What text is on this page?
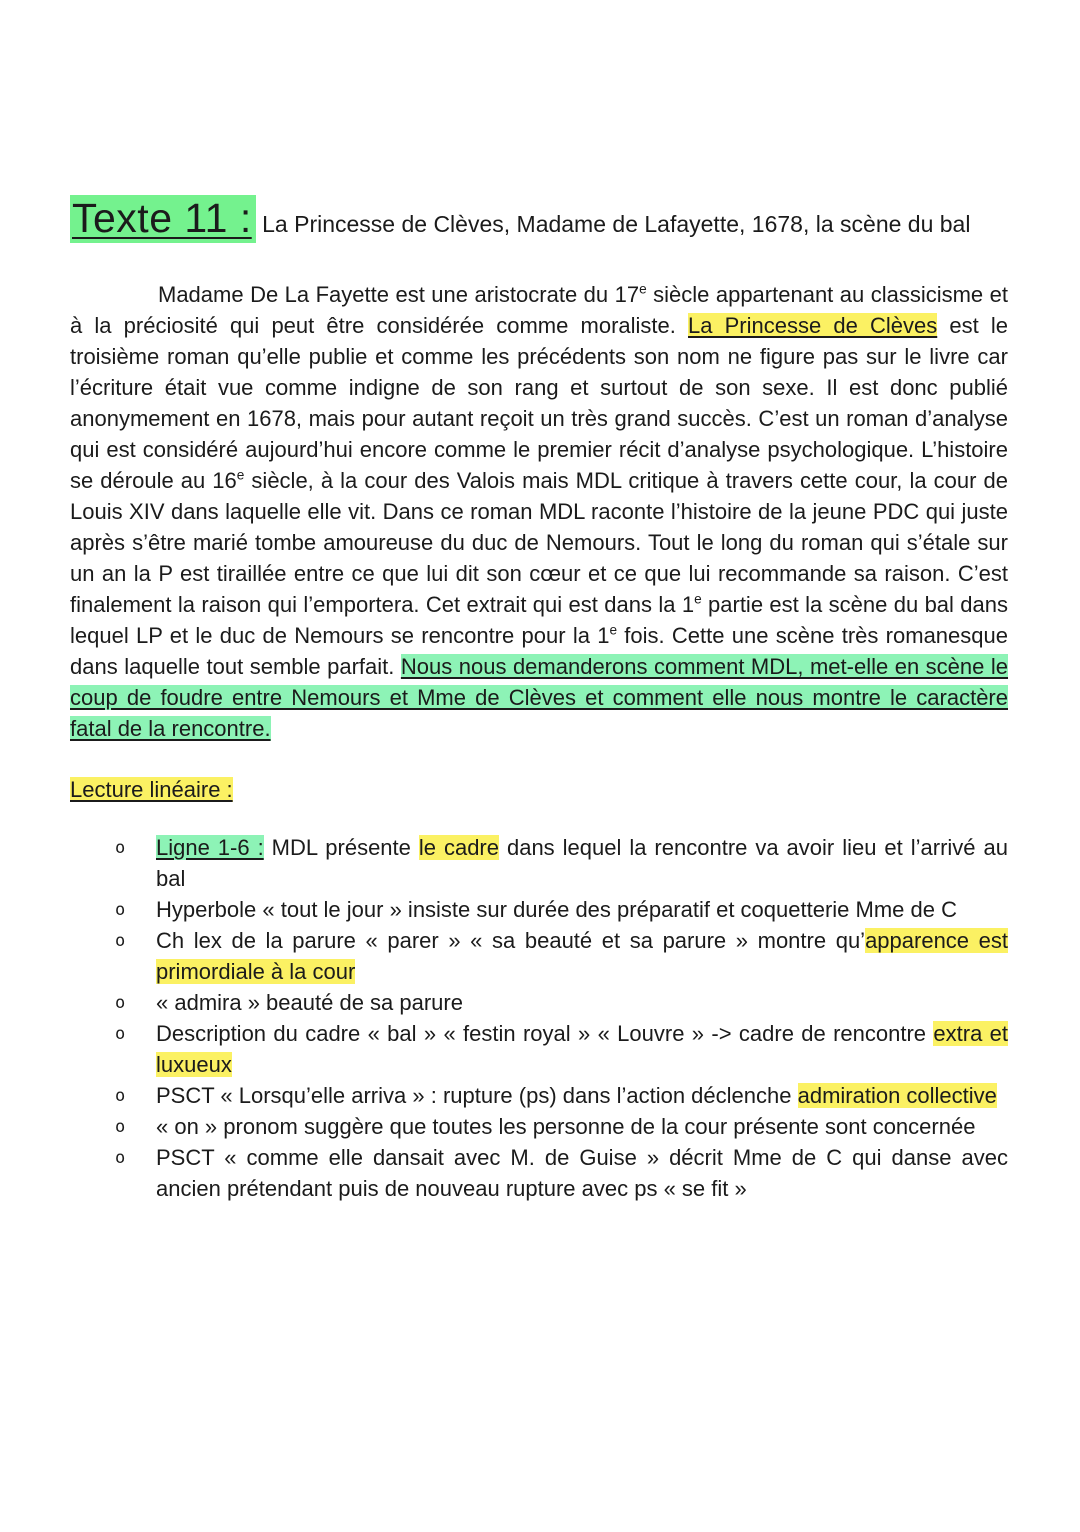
Texte 11 : La Princesse de Clèves, Madame de Lafayette, 1678, la scène du bal

Madame De La Fayette est une aristocrate du 17e siècle appartenant au classicisme et à la préciosité qui peut être considérée comme moraliste. La Princesse de Clèves est le troisième roman qu’elle publie et comme les précédents son nom ne figure pas sur le livre car l’écriture était vue comme indigne de son rang et surtout de son sexe. Il est donc publié anonymement en 1678, mais pour autant reçoit un très grand succès. C’est un roman d’analyse qui est considéré aujourd’hui encore comme le premier récit d’analyse psychologique. L’histoire se déroule au 16e siècle, à la cour des Valois mais MDL critique à travers cette cour, la cour de Louis XIV dans laquelle elle vit. Dans ce roman MDL raconte l’histoire de la jeune PDC qui juste après s’être marié tombe amoureuse du duc de Nemours. Tout le long du roman qui s’étale sur un an la P est tiraillée entre ce que lui dit son cœur et ce que lui recommande sa raison. C’est finalement la raison qui l’emportera. Cet extrait qui est dans la 1e partie est la scène du bal dans lequel LP et le duc de Nemours se rencontre pour la 1e fois. Cette une scène très romanesque dans laquelle tout semble parfait. Nous nous demanderons comment MDL, met-elle en scène le coup de foudre entre Nemours et Mme de Clèves et comment elle nous montre le caractère fatal de la rencontre.

Lecture linéaire :
o Ligne 1-6 : MDL présente le cadre dans lequel la rencontre va avoir lieu et l’arrivé au bal
o Hyperbole « tout le jour » insiste sur durée des préparatif et coquetterie Mme de C
o Ch lex de la parure « parer » « sa beauté et sa parure » montre qu’apparence est primordiale à la cour
o « admira » beauté de sa parure
o Description du cadre « bal » « festin royal » « Louvre » -> cadre de rencontre extra et luxueux
o PSCT « Lorsqu’elle arriva » : rupture (ps) dans l’action déclenche admiration collective
o « on » pronom suggère que toutes les personne de la cour présente sont concernée
o PSCT « comme elle dansait avec M. de Guise » décrit Mme de C qui danse avec ancien prétendant puis de nouveau rupture avec ps « se fit »
